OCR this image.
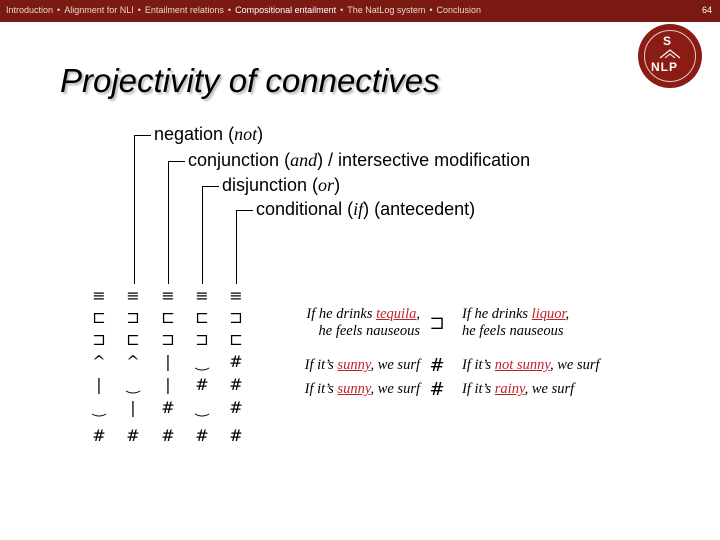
Introduction • Alignment for NLI • Entailment relations • Compositional entailment • The NatLog system • Conclusion	64
S
NLP
Projectivity of connectives
negation (not)
conjunction (and) / intersective modification
disjunction (or)
conditional (if) (antecedent)
≡ ≡ ≡ ≡ ≡
⊏ ⊐ ⊏ ⊏ ⊐
⊐ ⊏ ⊐ ⊐ ⊏
^ ^	|	‿ #
|	‿	|	# #
‿	|	# ‿ #
# # # # #
If he drinks tequila,
he feels nauseous ⊐ If he drinks liquor,
he feels nauseous
If it’s sunny, we surf # If it’s not sunny, we surf
If it’s sunny, we surf # If it’s rainy, we surf
